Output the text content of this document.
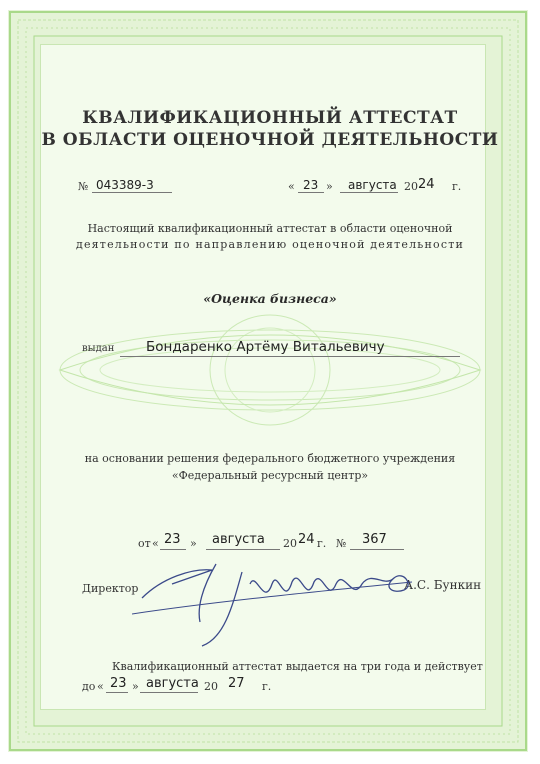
КВАЛИФИКАЦИОННЫЙ АТТЕСТАТ
В ОБЛАСТИ ОЦЕНОЧНОЙ ДЕЯТЕЛЬНОСТИ
№ 043389-3	« 23 » августа 20 24 г.
Настоящий квалификационный аттестат в области оценочной
деятельности по направлению оценочной деятельности
«Оценка бизнеса»
выдан Бондаренко Артёму Витальевичу
на основании решения федерального бюджетного учреждения
«Федеральный ресурсный центр»
от « 23 » августа 20 24 г. № 367
Директор	А.С. Бункин
Квалификационный аттестат выдается на три года и действует
до « 23 » августа 20 27 г.
